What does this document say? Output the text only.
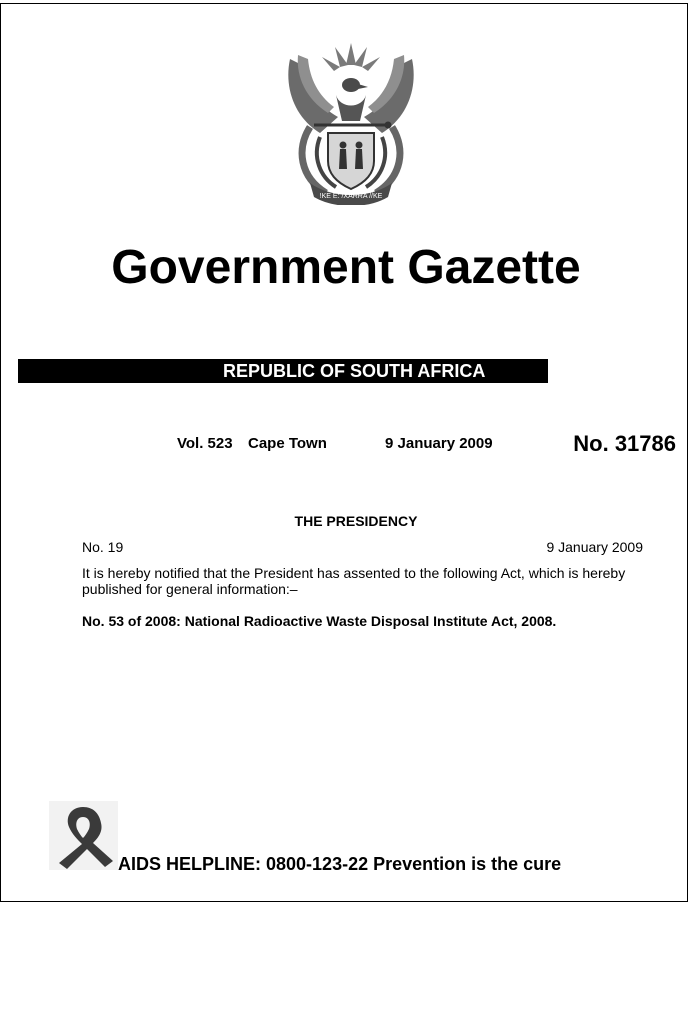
!KE E: /XARRA //KE
Government Gazette
REPUBLIC OF SOUTH AFRICA
Vol. 523 Cape Town	9 January 2009	No. 31786
THE PRESIDENCY
No. 19	9 January 2009

It is hereby notified that the President has assented to the following Act, which is hereby published for general information:–

No. 53 of 2008: National Radioactive Waste Disposal Institute Act, 2008.
AIDS HELPLINE: 0800-123-22 Prevention is the cure
